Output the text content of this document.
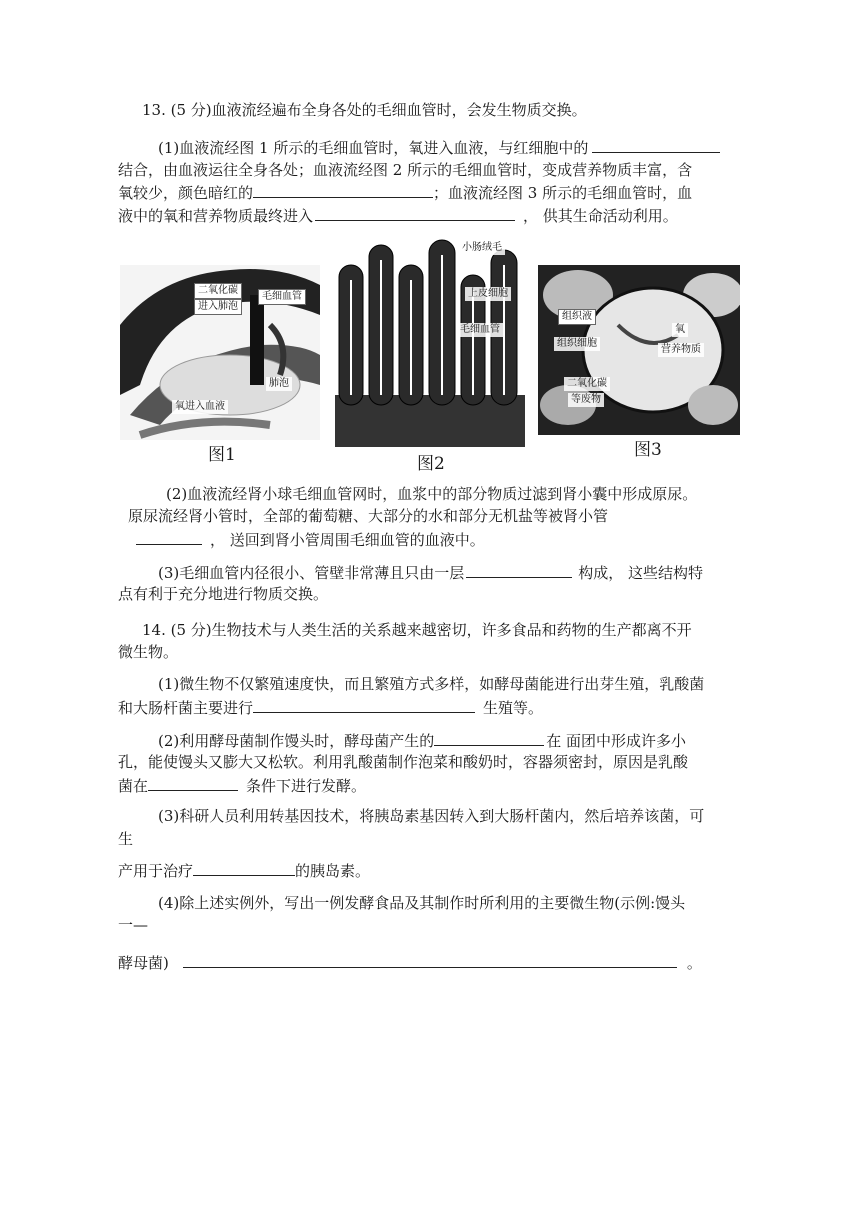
13. (5 分)血液流经遍布全身各处的毛细血管时，会发生物质交换。
(1)血液流经图 1 所示的毛细血管时，氧进入血液，与红细胞中的
结合，由血液运往全身各处；血液流经图 2 所示的毛细血管时，变成营养物质丰富，含
氧较少，颜色暗红的	；血液流经图 3 所示的毛细血管时，血
液中的氧和营养物质最终进入	， 供其生命活动利用。
二氧化碳
进入肺泡
毛细血管
肺泡
氧进入血液
图1
小肠绒毛
上皮细胞
毛细血管
图2
组织液
组织细胞
氧
营养物质
二氧化碳
等废物
图3
(2)血液流经肾小球毛细血管网时，血浆中的部分物质过滤到肾小囊中形成原尿。
原尿流经肾小管时，全部的葡萄糖、大部分的水和部分无机盐等被肾小管
， 送回到肾小管周围毛细血管的血液中。
(3)毛细血管内径很小、管壁非常薄且只由一层	构成， 这些结构特
点有利于充分地进行物质交换。
14. (5 分)生物技术与人类生活的关系越来越密切，许多食品和药物的生产都离不开
微生物。
(1)微生物不仅繁殖速度快，而且繁殖方式多样，如酵母菌能进行出芽生殖，乳酸菌
和大肠杆菌主要进行	生殖等。
(2)利用酵母菌制作馒头时，酵母菌产生的	在 面团中形成许多小
孔，能使馒头又膨大又松软。利用乳酸菌制作泡菜和酸奶时，容器须密封，原因是乳酸
菌在	条件下进行发酵。
(3)科研人员利用转基因技术，将胰岛素基因转入到大肠杆菌内，然后培养该菌，可
生
产用于治疗	的胰岛素。
(4)除上述实例外，写出一例发酵食品及其制作时所利用的主要微生物(示例:馒头
一—
酵母菌)	。
